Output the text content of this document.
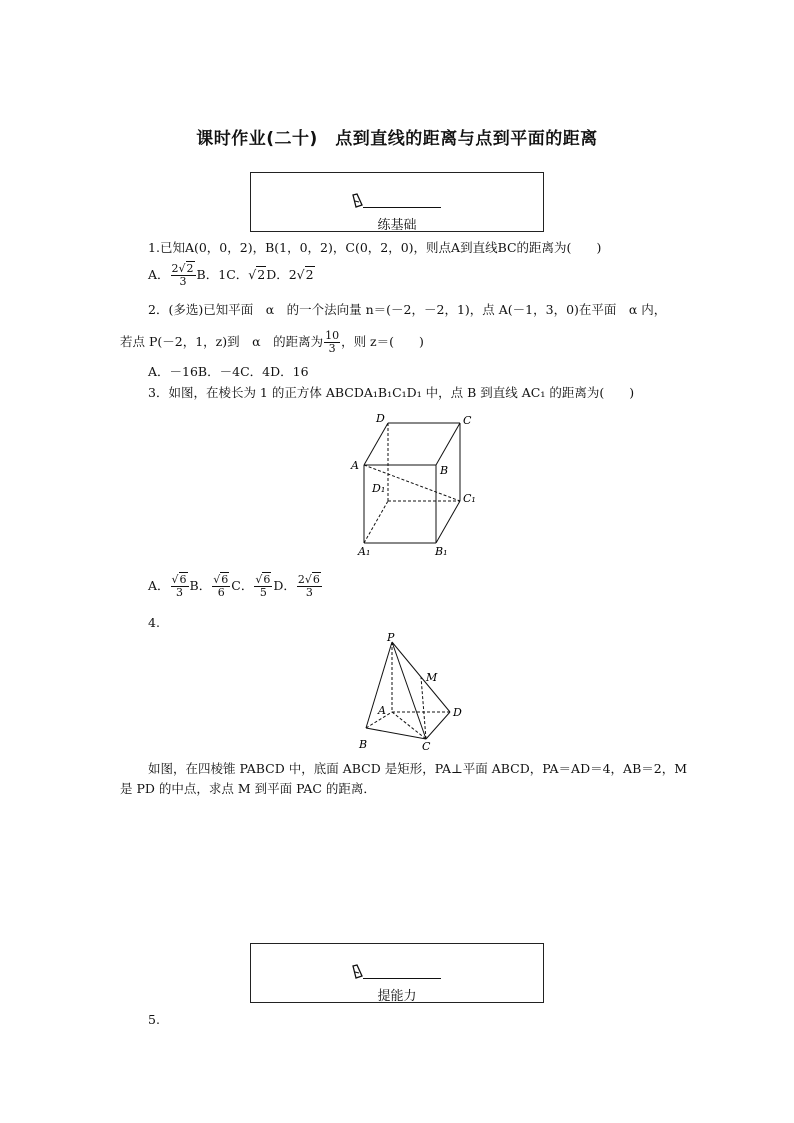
课时作业(二十)　点到直线的距离与点到平面的距离
练基础
1.已知A(0，0，2)，B(1，0，2)，C(0，2，0)，则点A到直线BC的距离为(　　)
A． $\frac{2√2}{3}$ B．1C．√2D．2√2
2．(多选)已知平面　α　的一个法向量 n＝(－2，－2，1)，点 A(－1，3，0)在平面　α 内，
若点 P(－2，1，z)到　α　的距离为 $\frac{10}{3}$ ，则 z＝(　　)
A．－16B．－4C．4D．16
3．如图，在棱长为 1 的正方体 ABCDA₁B₁C₁D₁ 中，点 B 到直线 AC₁ 的距离为(　　)
D	C
A	B
D₁
C₁
A₁	B₁
A． $\frac{√6}{3}$ B． $\frac{√6}{6}$ C． $\frac{√6}{5}$ D． $\frac{2√6}{3}$
4.
P
M
A	D
B	C
如图，在四棱锥 PABCD 中，底面 ABCD 是矩形，PA⊥平面 ABCD，PA＝AD＝4，AB＝2，M
是 PD 的中点，求点 M 到平面 PAC 的距离．
提能力
5.
